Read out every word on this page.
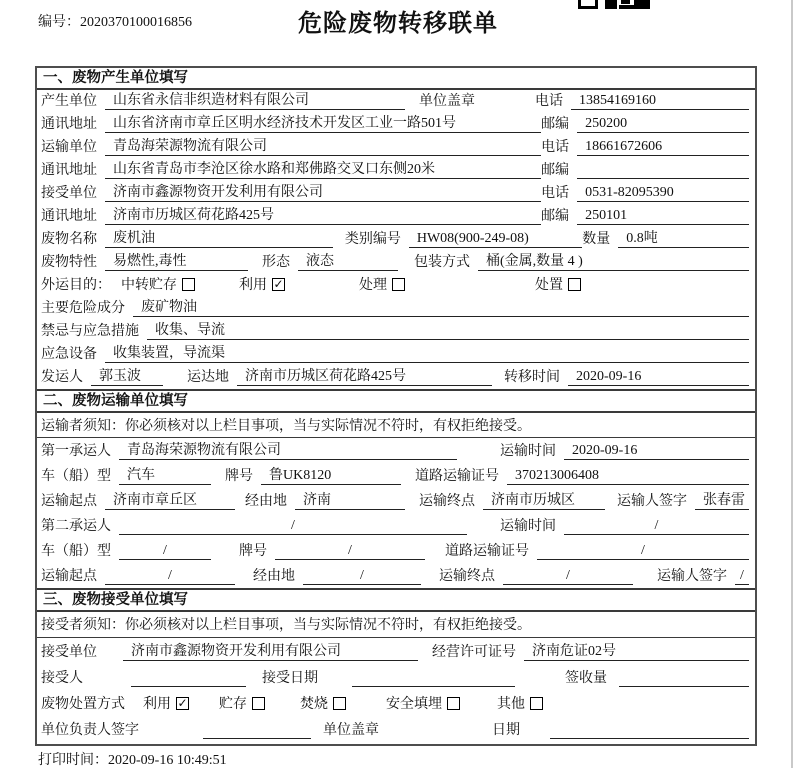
编号：2020370100016856	危险废物转移联单
一、废物产生单位填写
产生单位	山东省永信非织造材料有限公司	单位盖章	电话	13854169160
通讯地址	山东省济南市章丘区明水经济技术开发区工业一路501号	邮编	250200
运输单位	青岛海荣源物流有限公司	电话	18661672606
通讯地址	山东省青岛市李沧区徐水路和郑佛路交叉口东侧20米	邮编
接受单位	济南市鑫源物资开发利用有限公司	电话	0531-82095390
通讯地址	济南市历城区荷花路425号	邮编	250101
废物名称	废机油	类别编号	HW08(900-249-08)	数量	0.8吨
废物特性	易燃性,毒性	形态	液态	包装方式	桶(金属,数量 4 )
外运目的： 中转贮存	利用 ✓	处理	处置
主要危险成分	废矿物油
禁忌与应急措施	收集、导流
应急设备	收集装置，导流渠
发运人	郭玉波	运达地	济南市历城区荷花路425号	转移时间	2020-09-16
二、废物运输单位填写
运输者须知：你必须核对以上栏目事项，当与实际情况不符时，有权拒绝接受。
第一承运人	青岛海荣源物流有限公司	运输时间	2020-09-16
车（船）型	汽车	牌号	鲁UK8120	道路运输证号	370213006408
运输起点	济南市章丘区	经由地	济南	运输终点	济南市历城区	运输人签字	张春雷
第二承运人	/	运输时间	/
车（船）型	/	牌号	/	道路运输证号	/
运输起点	/	经由地	/	运输终点	/	运输人签字 /
三、废物接受单位填写
接受者须知：你必须核对以上栏目事项，当与实际情况不符时，有权拒绝接受。
接受单位	济南市鑫源物资开发利用有限公司	经营许可证号	济南危证02号
接受人	接受日期	签收量
废物处置方式 利用 ✓ 贮存	焚烧	安全填埋	其他
单位负责人签字	单位盖章	日期
打印时间：2020-09-16 10:49:51
